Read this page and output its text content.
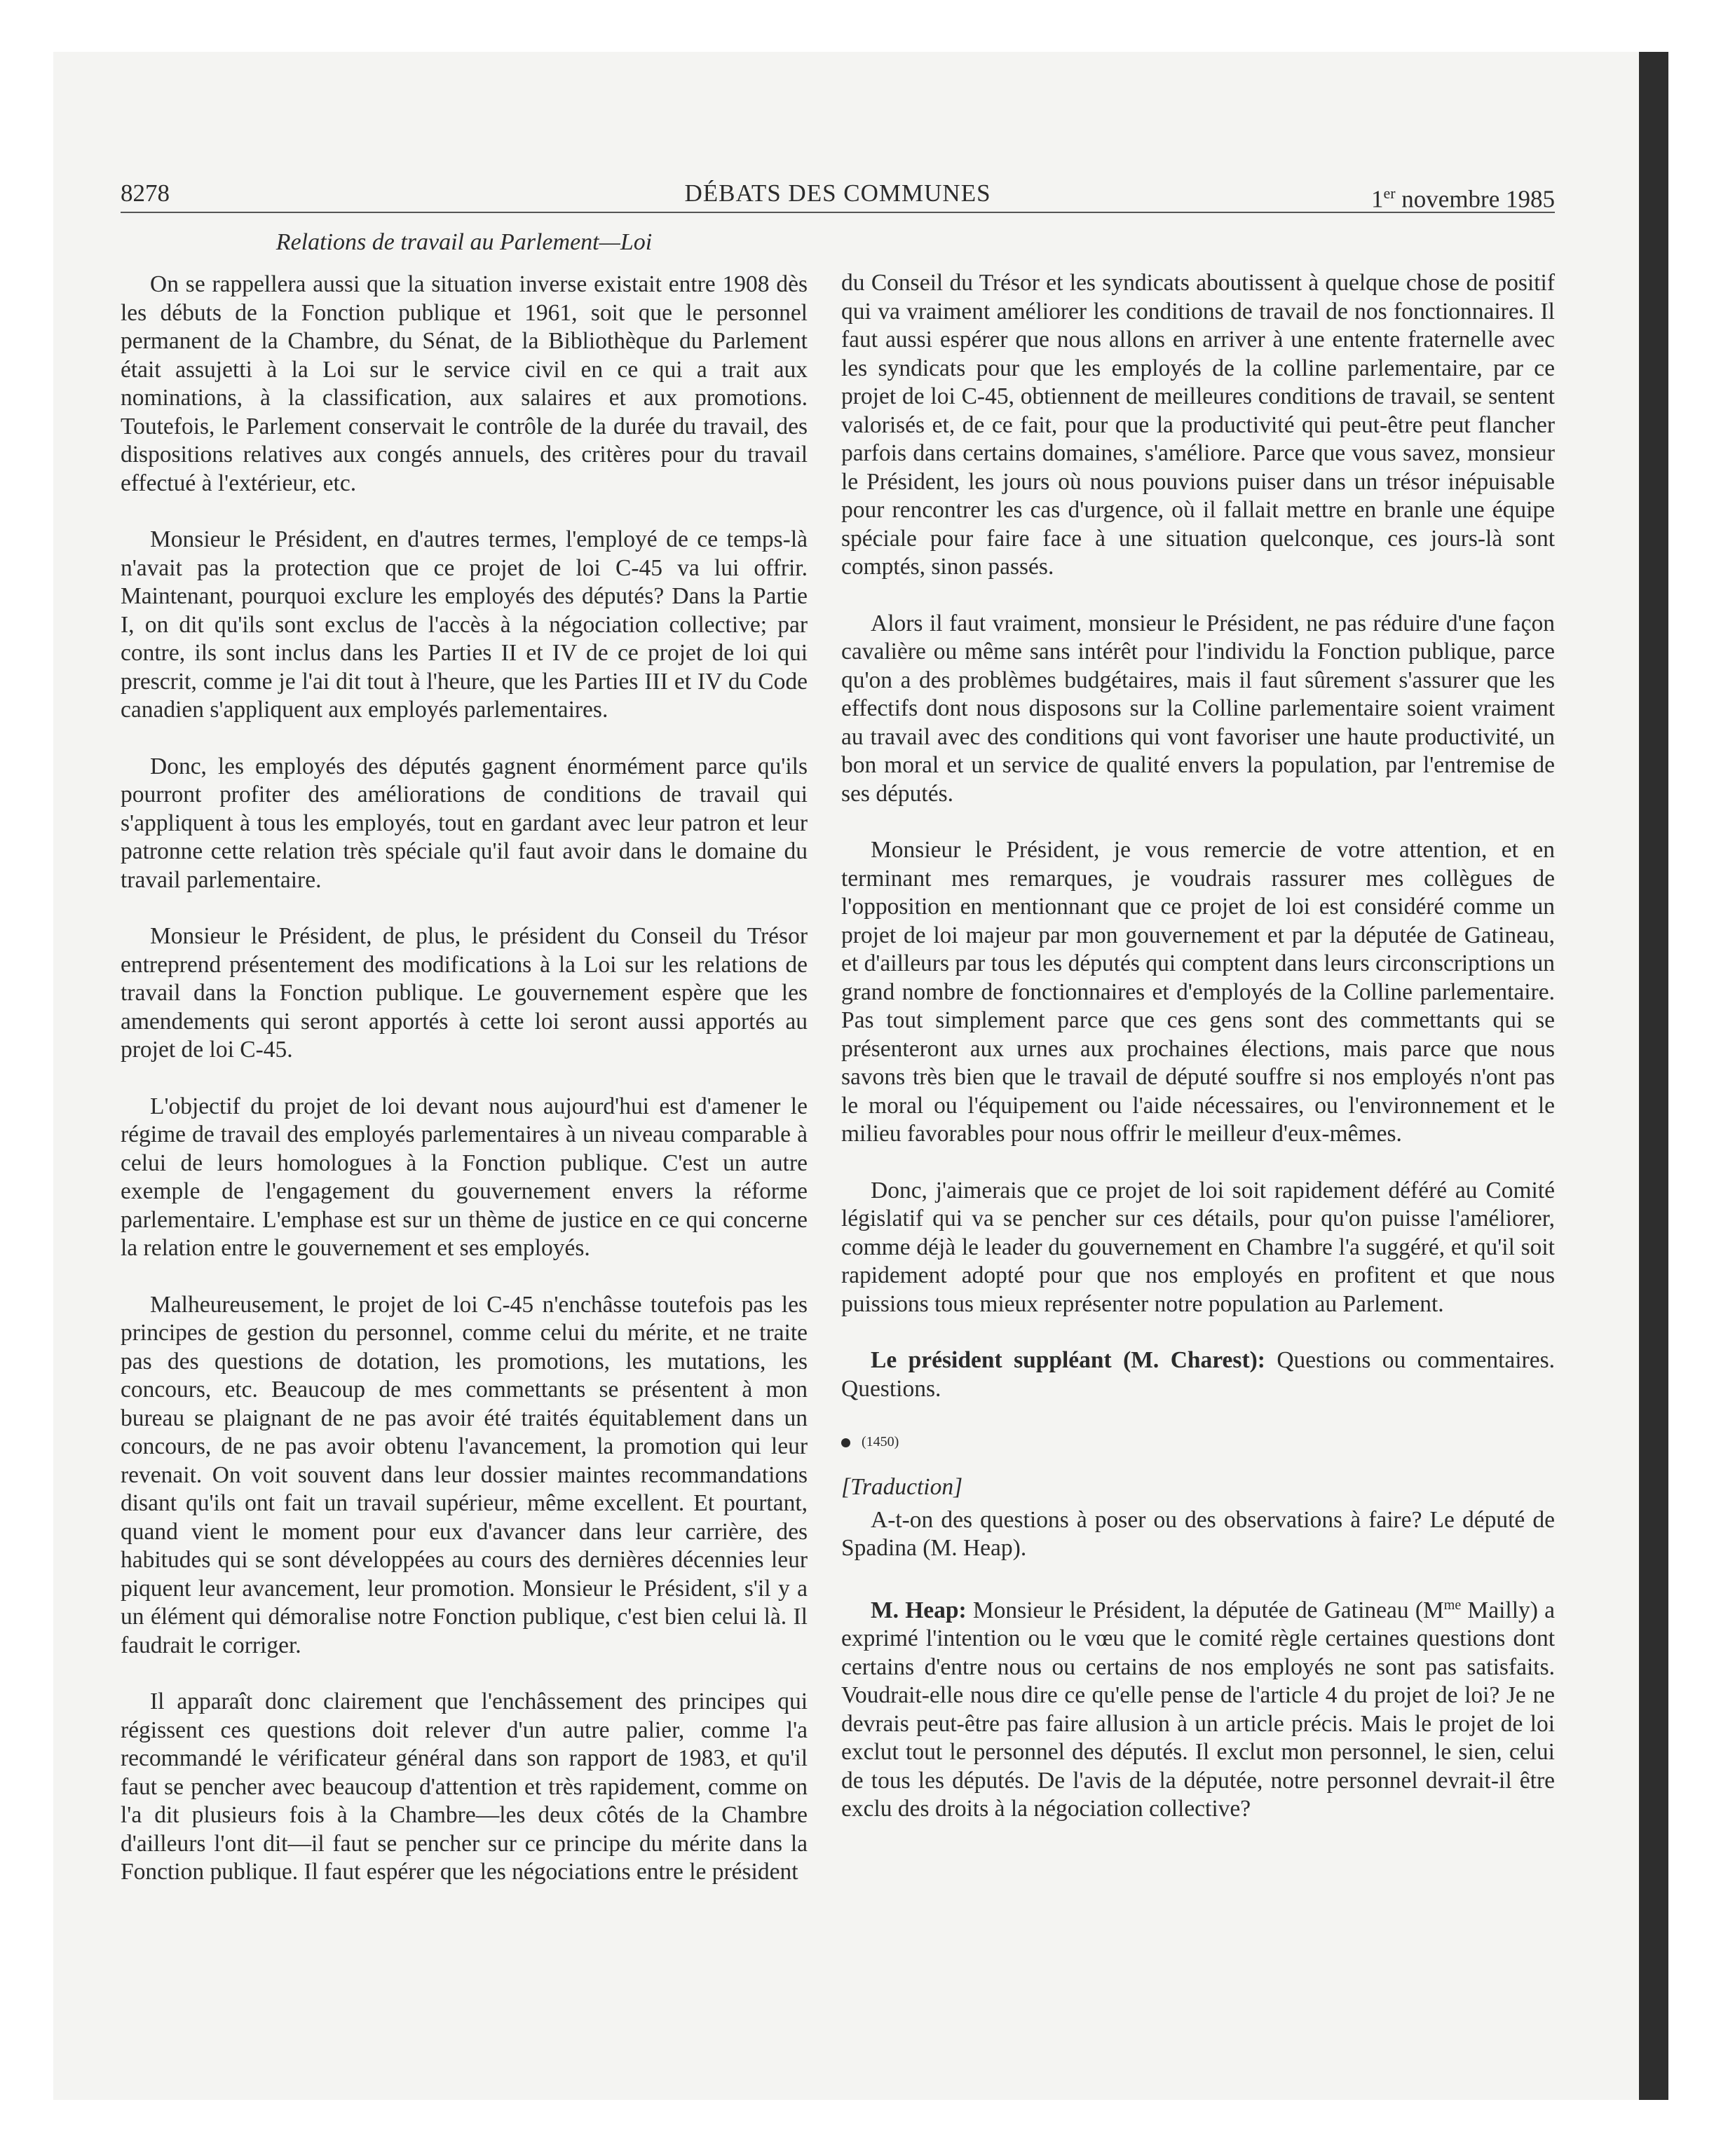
8278	DÉBATS DES COMMUNES	1er novembre 1985
Relations de travail au Parlement—Loi

On se rappellera aussi que la situation inverse existait entre 1908 dès les débuts de la Fonction publique et 1961, soit que le personnel permanent de la Chambre, du Sénat, de la Bibliothèque du Parlement était assujetti à la Loi sur le service civil en ce qui a trait aux nominations, à la classification, aux salaires et aux promotions. Toutefois, le Parlement conservait le contrôle de la durée du travail, des dispositions relatives aux congés annuels, des critères pour du travail effectué à l'extérieur, etc.

Monsieur le Président, en d'autres termes, l'employé de ce temps-là n'avait pas la protection que ce projet de loi C-45 va lui offrir. Maintenant, pourquoi exclure les employés des députés? Dans la Partie I, on dit qu'ils sont exclus de l'accès à la négociation collective; par contre, ils sont inclus dans les Parties II et IV de ce projet de loi qui prescrit, comme je l'ai dit tout à l'heure, que les Parties III et IV du Code canadien s'appliquent aux employés parlementaires.

Donc, les employés des députés gagnent énormément parce qu'ils pourront profiter des améliorations de conditions de travail qui s'appliquent à tous les employés, tout en gardant avec leur patron et leur patronne cette relation très spéciale qu'il faut avoir dans le domaine du travail parlementaire.

Monsieur le Président, de plus, le président du Conseil du Trésor entreprend présentement des modifications à la Loi sur les relations de travail dans la Fonction publique. Le gouvernement espère que les amendements qui seront apportés à cette loi seront aussi apportés au projet de loi C-45.

L'objectif du projet de loi devant nous aujourd'hui est d'amener le régime de travail des employés parlementaires à un niveau comparable à celui de leurs homologues à la Fonction publique. C'est un autre exemple de l'engagement du gouvernement envers la réforme parlementaire. L'emphase est sur un thème de justice en ce qui concerne la relation entre le gouvernement et ses employés.

Malheureusement, le projet de loi C-45 n'enchâsse toutefois pas les principes de gestion du personnel, comme celui du mérite, et ne traite pas des questions de dotation, les promotions, les mutations, les concours, etc. Beaucoup de mes commettants se présentent à mon bureau se plaignant de ne pas avoir été traités équitablement dans un concours, de ne pas avoir obtenu l'avancement, la promotion qui leur revenait. On voit souvent dans leur dossier maintes recommandations disant qu'ils ont fait un travail supérieur, même excellent. Et pourtant, quand vient le moment pour eux d'avancer dans leur carrière, des habitudes qui se sont développées au cours des dernières décennies leur piquent leur avancement, leur promotion. Monsieur le Président, s'il y a un élément qui démoralise notre Fonction publique, c'est bien celui là. Il faudrait le corriger.

Il apparaît donc clairement que l'enchâssement des principes qui régissent ces questions doit relever d'un autre palier, comme l'a recommandé le vérificateur général dans son rapport de 1983, et qu'il faut se pencher avec beaucoup d'attention et très rapidement, comme on l'a dit plusieurs fois à la Chambre—les deux côtés de la Chambre d'ailleurs l'ont dit—il faut se pencher sur ce principe du mérite dans la Fonction publique. Il faut espérer que les négociations entre le président

du Conseil du Trésor et les syndicats aboutissent à quelque chose de positif qui va vraiment améliorer les conditions de travail de nos fonctionnaires. Il faut aussi espérer que nous allons en arriver à une entente fraternelle avec les syndicats pour que les employés de la colline parlementaire, par ce projet de loi C-45, obtiennent de meilleures conditions de travail, se sentent valorisés et, de ce fait, pour que la productivité qui peut-être peut flancher parfois dans certains domaines, s'améliore. Parce que vous savez, monsieur le Président, les jours où nous pouvions puiser dans un trésor inépuisable pour rencontrer les cas d'urgence, où il fallait mettre en branle une équipe spéciale pour faire face à une situation quelconque, ces jours-là sont comptés, sinon passés.

Alors il faut vraiment, monsieur le Président, ne pas réduire d'une façon cavalière ou même sans intérêt pour l'individu la Fonction publique, parce qu'on a des problèmes budgétaires, mais il faut sûrement s'assurer que les effectifs dont nous disposons sur la Colline parlementaire soient vraiment au travail avec des conditions qui vont favoriser une haute productivité, un bon moral et un service de qualité envers la population, par l'entremise de ses députés.

Monsieur le Président, je vous remercie de votre attention, et en terminant mes remarques, je voudrais rassurer mes collègues de l'opposition en mentionnant que ce projet de loi est considéré comme un projet de loi majeur par mon gouvernement et par la députée de Gatineau, et d'ailleurs par tous les députés qui comptent dans leurs circonscriptions un grand nombre de fonctionnaires et d'employés de la Colline parlementaire. Pas tout simplement parce que ces gens sont des commettants qui se présenteront aux urnes aux prochaines élections, mais parce que nous savons très bien que le travail de député souffre si nos employés n'ont pas le moral ou l'équipement ou l'aide nécessaires, ou l'environnement et le milieu favorables pour nous offrir le meilleur d'eux-mêmes.

Donc, j'aimerais que ce projet de loi soit rapidement déféré au Comité législatif qui va se pencher sur ces détails, pour qu'on puisse l'améliorer, comme déjà le leader du gouvernement en Chambre l'a suggéré, et qu'il soit rapidement adopté pour que nos employés en profitent et que nous puissions tous mieux représenter notre population au Parlement.

Le président suppléant (M. Charest): Questions ou commentaires. Questions.

(1450)
[Traduction]

A-t-on des questions à poser ou des observations à faire? Le député de Spadina (M. Heap).

M. Heap: Monsieur le Président, la députée de Gatineau ($M^{me}$ Mailly) a exprimé l'intention ou le vœu que le comité règle certaines questions dont certains d'entre nous ou certains de nos employés ne sont pas satisfaits. Voudrait-elle nous dire ce qu'elle pense de l'article 4 du projet de loi? Je ne devrais peut-être pas faire allusion à un article précis. Mais le projet de loi exclut tout le personnel des députés. Il exclut mon personnel, le sien, celui de tous les députés. De l'avis de la députée, notre personnel devrait-il être exclu des droits à la négociation collective?
